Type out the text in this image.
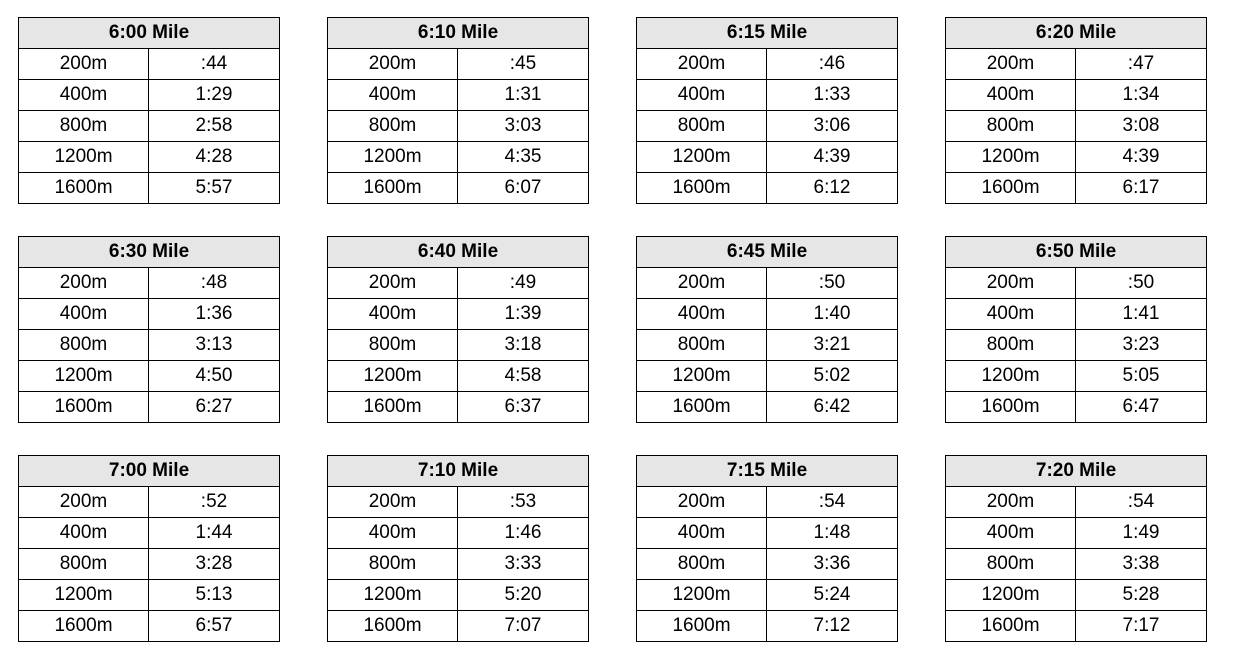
6:00 Mile	
200m	:44
400m	1:29
800m	2:58
1200m	4:28
1600m	5:57
6:10 Mile	
200m	:45
400m	1:31
800m	3:03
1200m	4:35
1600m	6:07
6:15 Mile	
200m	:46
400m	1:33
800m	3:06
1200m	4:39
1600m	6:12
6:20 Mile	
200m	:47
400m	1:34
800m	3:08
1200m	4:39
1600m	6:17
6:30 Mile	
200m	:48
400m	1:36
800m	3:13
1200m	4:50
1600m	6:27
6:40 Mile	
200m	:49
400m	1:39
800m	3:18
1200m	4:58
1600m	6:37
6:45 Mile	
200m	:50
400m	1:40
800m	3:21
1200m	5:02
1600m	6:42
6:50 Mile	
200m	:50
400m	1:41
800m	3:23
1200m	5:05
1600m	6:47
7:00 Mile	
200m	:52
400m	1:44
800m	3:28
1200m	5:13
1600m	6:57
7:10 Mile	
200m	:53
400m	1:46
800m	3:33
1200m	5:20
1600m	7:07
7:15 Mile	
200m	:54
400m	1:48
800m	3:36
1200m	5:24
1600m	7:12
7:20 Mile	
200m	:54
400m	1:49
800m	3:38
1200m	5:28
1600m	7:17
